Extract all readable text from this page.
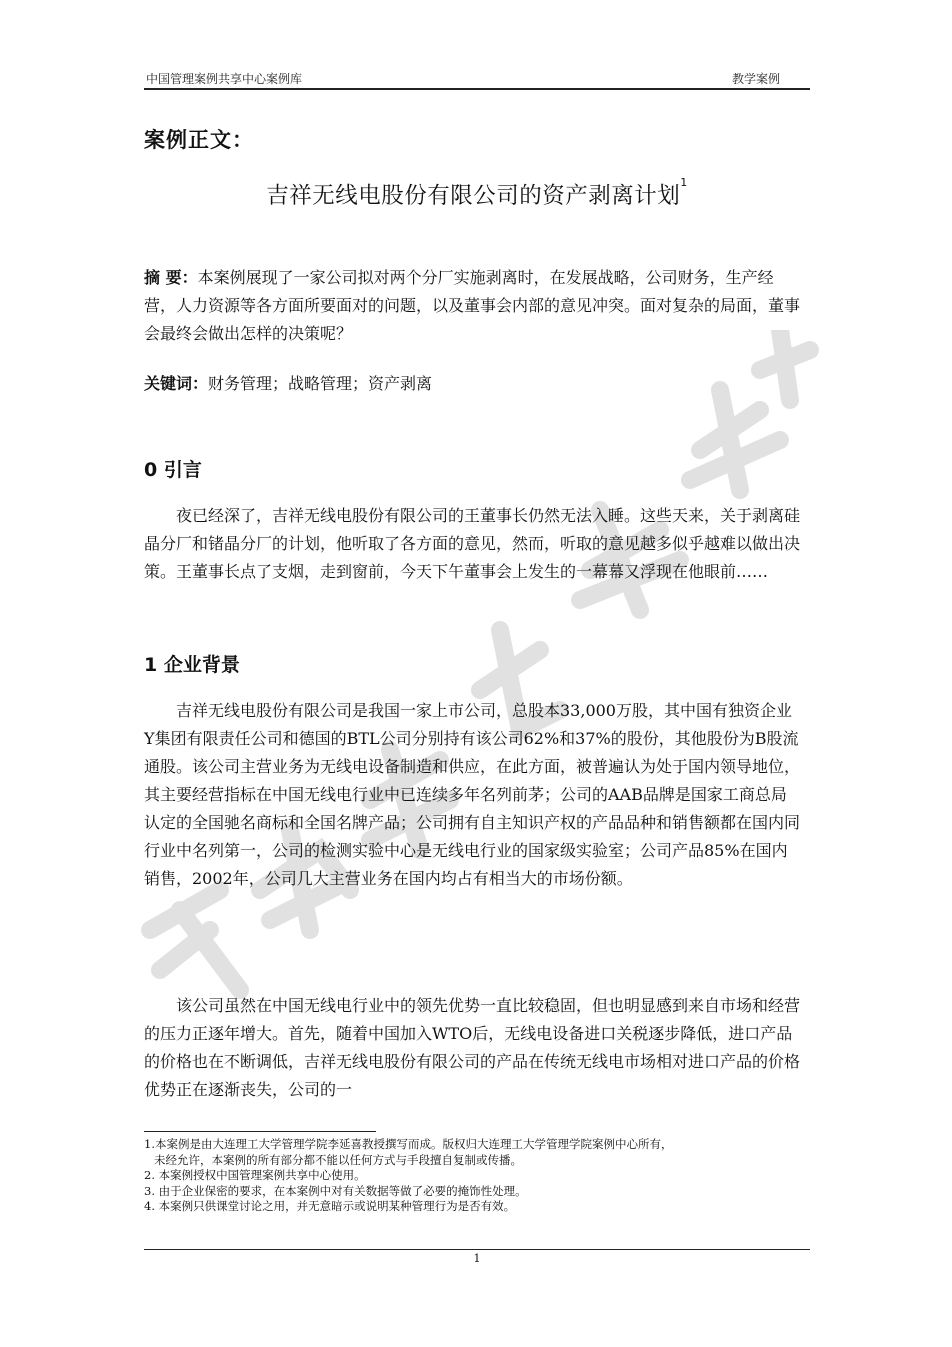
中国管理案例共享中心案例库	教学案例
案例正文：
吉祥无线电股份有限公司的资产剥离计划$^1$
摘 要：本案例展现了一家公司拟对两个分厂实施剥离时，在发展战略，公司财务，生产经营，人力资源等各方面所要面对的问题，以及董事会内部的意见冲突。面对复杂的局面，董事会最终会做出怎样的决策呢？
关键词：财务管理；战略管理；资产剥离
0 引言
夜已经深了，吉祥无线电股份有限公司的王董事长仍然无法入睡。这些天来，关于剥离硅晶分厂和锗晶分厂的计划，他听取了各方面的意见，然而，听取的意见越多似乎越难以做出决策。王董事长点了支烟，走到窗前，今天下午董事会上发生的一幕幕又浮现在他眼前……
1 企业背景
吉祥无线电股份有限公司是我国一家上市公司，总股本33,000万股，其中国有独资企业Y集团有限责任公司和德国的BTL公司分别持有该公司62%和37%的股份，其他股份为B股流通股。该公司主营业务为无线电设备制造和供应，在此方面，被普遍认为处于国内领导地位，其主要经营指标在中国无线电行业中已连续多年名列前茅；公司的AAB品牌是国家工商总局认定的全国驰名商标和全国名牌产品；公司拥有自主知识产权的产品品种和销售额都在国内同行业中名列第一，公司的检测实验中心是无线电行业的国家级实验室；公司产品85%在国内销售，2002年，公司几大主营业务在国内均占有相当大的市场份额。
该公司虽然在中国无线电行业中的领先优势一直比较稳固，但也明显感到来自市场和经营的压力正逐年增大。首先，随着中国加入WTO后，无线电设备进口关税逐步降低，进口产品的价格也在不断调低，吉祥无线电股份有限公司的产品在传统无线电市场相对进口产品的价格优势正在逐渐丧失，公司的一
1.本案例是由大连理工大学管理学院李延喜教授撰写而成。版权归大连理工大学管理学院案例中心所有，
未经允许，本案例的所有部分都不能以任何方式与手段擅自复制或传播。
2. 本案例授权中国管理案例共享中心使用。
3. 由于企业保密的要求，在本案例中对有关数据等做了必要的掩饰性处理。
4. 本案例只供课堂讨论之用，并无意暗示或说明某种管理行为是否有效。
1
